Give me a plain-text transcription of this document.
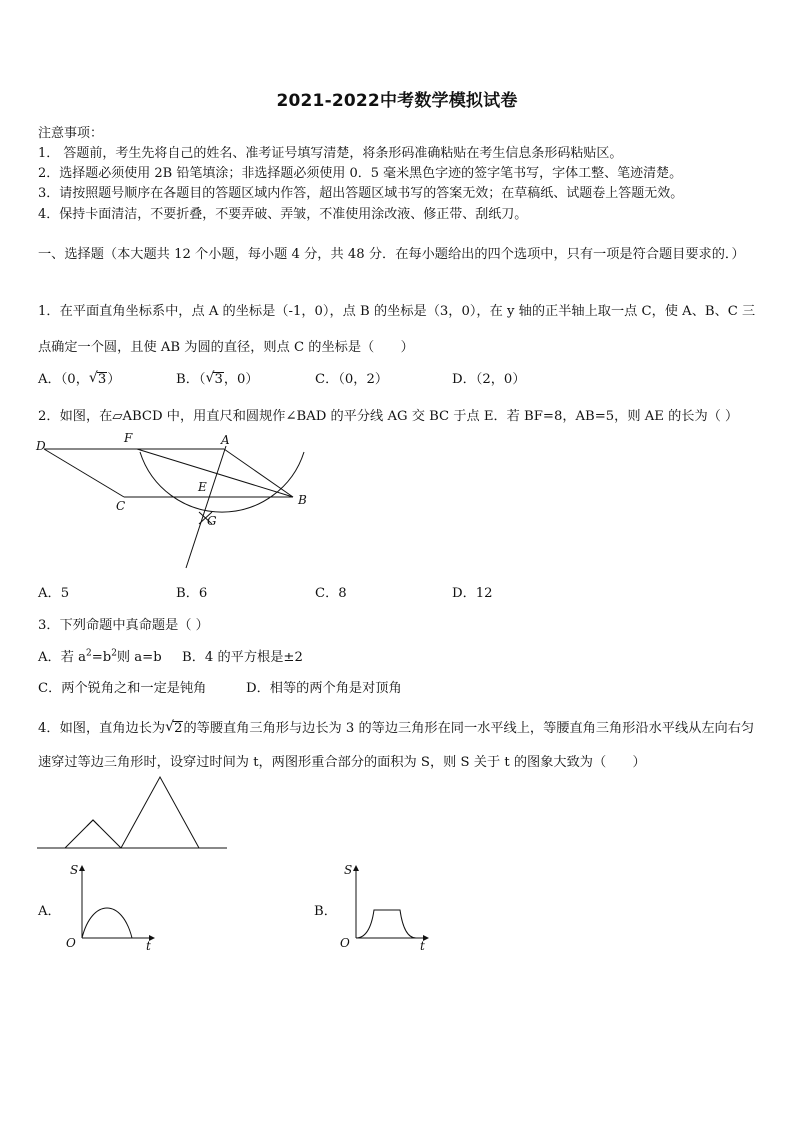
2021-2022中考数学模拟试卷
注意事项：
1． 答题前，考生先将自己的姓名、准考证号填写清楚，将条形码准确粘贴在考生信息条形码粘贴区。
2．选择题必须使用 2B 铅笔填涂；非选择题必须使用 0．5 毫米黑色字迹的签字笔书写，字体工整、笔迹清楚。
3．请按照题号顺序在各题目的答题区域内作答，超出答题区域书写的答案无效；在草稿纸、试题卷上答题无效。
4．保持卡面清洁，不要折叠，不要弄破、弄皱，不准使用涂改液、修正带、刮纸刀。
一、选择题（本大题共 12 个小题，每小题 4 分，共 48 分．在每小题给出的四个选项中，只有一项是符合题目要求的．）
1．在平面直角坐标系中，点 A 的坐标是（-1，0），点 B 的坐标是（3，0），在 y 轴的正半轴上取一点 C，使 A、B、C 三点确定一个圆，且使 AB 为圆的直径，则点 C 的坐标是（　　）
A．（0， √ 3）	B．（ √ 3，0）	C．（0，2）	D．（2，0）
2．如图，在▱ABCD 中，用直尺和圆规作∠BAD 的平分线 AG 交 BC 于点 E．若 BF=8，AB=5，则 AE 的长为（ ）
D
F	A
E
C	B
G
A．5	B．6	C．8	D．12
3．下列命题中真命题是（ ）
A．若 $a^2=b^2$则 a=b B．4 的平方根是±2
C．两个锐角之和一定是钝角	D．相等的两个角是对顶角
4．如图，直角边长为 √ 2的等腰直角三角形与边长为 3 的等边三角形在同一水平线上，等腰直角三角形沿水平线从左向右匀速穿过等边三角形时，设穿过时间为 t，两图形重合部分的面积为 S，则 S 关于 t 的图象大致为（　　）
A．
S
O	t
B．
S
O	t
